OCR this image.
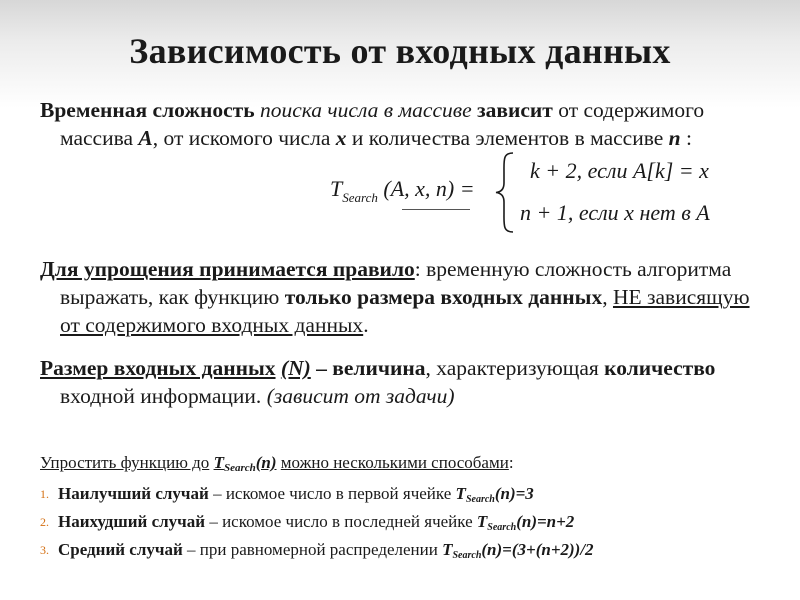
Зависимость от входных данных

Временная сложность поиска числа в массиве зависит от содержимого массива A, от искомого числа x и количества элементов в массиве n :

$T_{Search}$ (A, x, n) =
k + 2, если A[k] = x
n + 1, если x нет в A

Для упрощения принимается правило: временную сложность алгоритма выражать, как функцию только размера входных данных, НЕ зависящую от содержимого входных данных.

Размер входных данных (N) – величина, характеризующая количество входной информации. (зависит от задачи)

Упростить функцию до TSearch(n) можно несколькими способами:

1. Наилучший случай – искомое число в первой ячейке $T_{Search}(n)=3$
2. Наихудший случай – искомое число в последней ячейке $T_{Search}(n)=n+2$
3. Средний случай – при равномерной распределении $T_{Search}(n)=(3+(n+2))/2$
